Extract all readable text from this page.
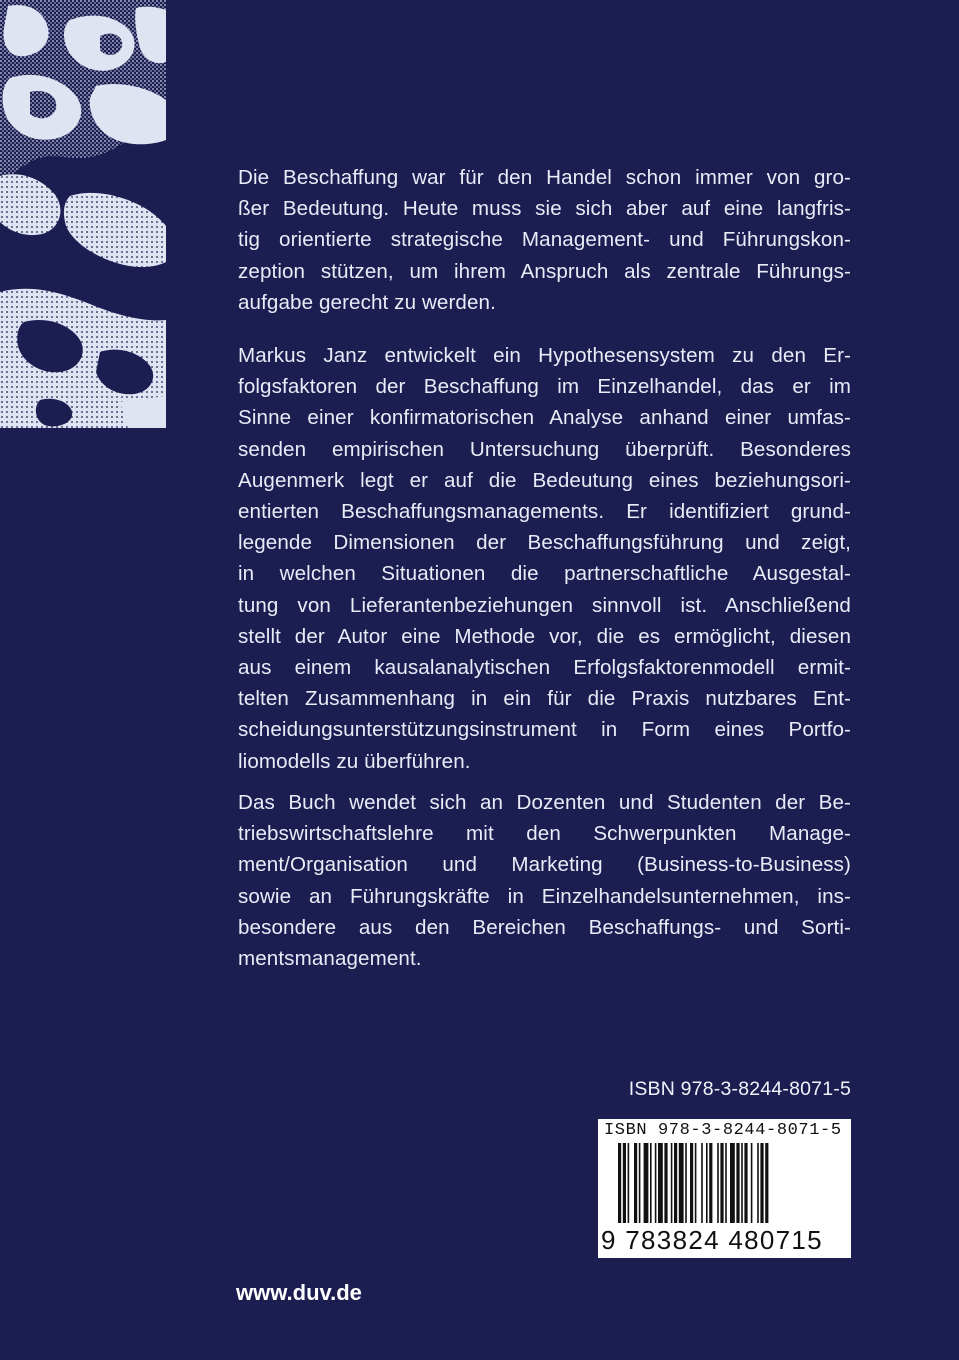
Die Beschaffung war für den Handel schon immer von gro-
ßer Bedeutung. Heute muss sie sich aber auf eine langfris-
tig orientierte strategische Management- und Führungskon-
zeption stützen, um ihrem Anspruch als zentrale Führungs-
aufgabe gerecht zu werden.
Markus Janz entwickelt ein Hypothesensystem zu den Er-
folgsfaktoren der Beschaffung im Einzelhandel, das er im
Sinne einer konfirmatorischen Analyse anhand einer umfas-
senden empirischen Untersuchung überprüft. Besonderes
Augenmerk legt er auf die Bedeutung eines beziehungsori-
entierten Beschaffungsmanagements. Er identifiziert grund-
legende Dimensionen der Beschaffungsführung und zeigt,
in welchen Situationen die partnerschaftliche Ausgestal-
tung von Lieferantenbeziehungen sinnvoll ist. Anschließend
stellt der Autor eine Methode vor, die es ermöglicht, diesen
aus einem kausalanalytischen Erfolgsfaktorenmodell ermit-
telten Zusammenhang in ein für die Praxis nutzbares Ent-
scheidungsunterstützungsinstrument in Form eines Portfo-
liomodells zu überführen.
Das Buch wendet sich an Dozenten und Studenten der Be-
triebswirtschaftslehre mit den Schwerpunkten Manage-
ment/Organisation und Marketing (Business-to-Business)
sowie an Führungskräfte in Einzelhandelsunternehmen, ins-
besondere aus den Bereichen Beschaffungs- und Sorti-
mentsmanagement.
ISBN 978-3-8244-8071-5
ISBN 978-3-8244-8071-5
9 783824 480715
www.duv.de
